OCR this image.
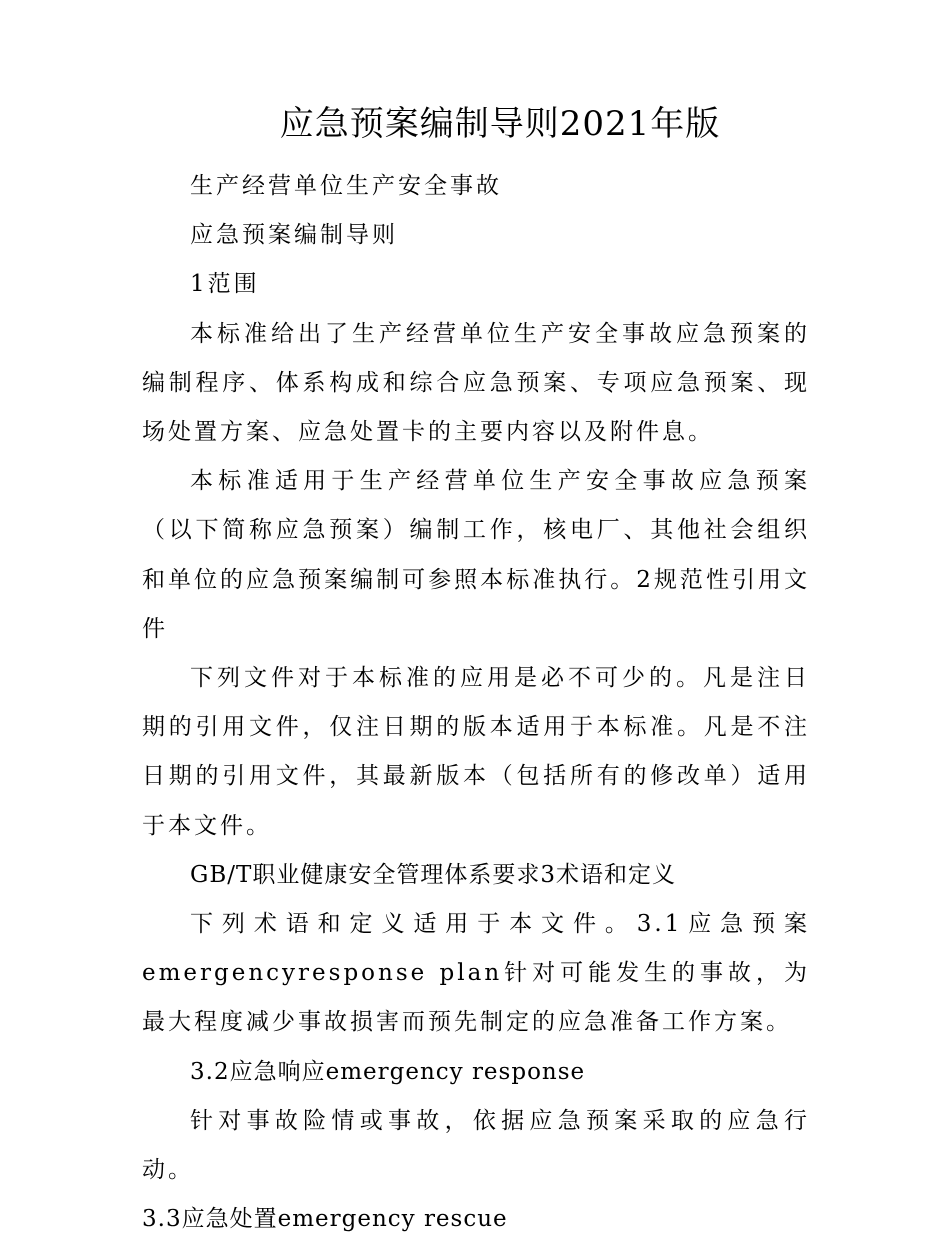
应急预案编制导则2021年版

生产经营单位生产安全事故

应急预案编制导则

1范围

本标准给出了生产经营单位生产安全事故应急预案的编制程序、体系构成和综合应急预案、专项应急预案、现场处置方案、应急处置卡的主要内容以及附件息。

本标准适用于生产经营单位生产安全事故应急预案（以下简称应急预案）编制工作，核电厂、其他社会组织和单位的应急预案编制可参照本标准执行。2规范性引用文件

下列文件对于本标准的应用是必不可少的。凡是注日期的引用文件，仅注日期的版本适用于本标准。凡是不注日期的引用文件，其最新版本（包括所有的修改单）适用于本文件。

GB/T职业健康安全管理体系要求3术语和定义

下列术语和定义适用于本文件。3.1应急预案emergencyresponse plan针对可能发生的事故，为最大程度减少事故损害而预先制定的应急准备工作方案。

3.2应急响应emergency response

针对事故险情或事故，依据应急预案采取的应急行动。

3.3应急处置emergency rescue
